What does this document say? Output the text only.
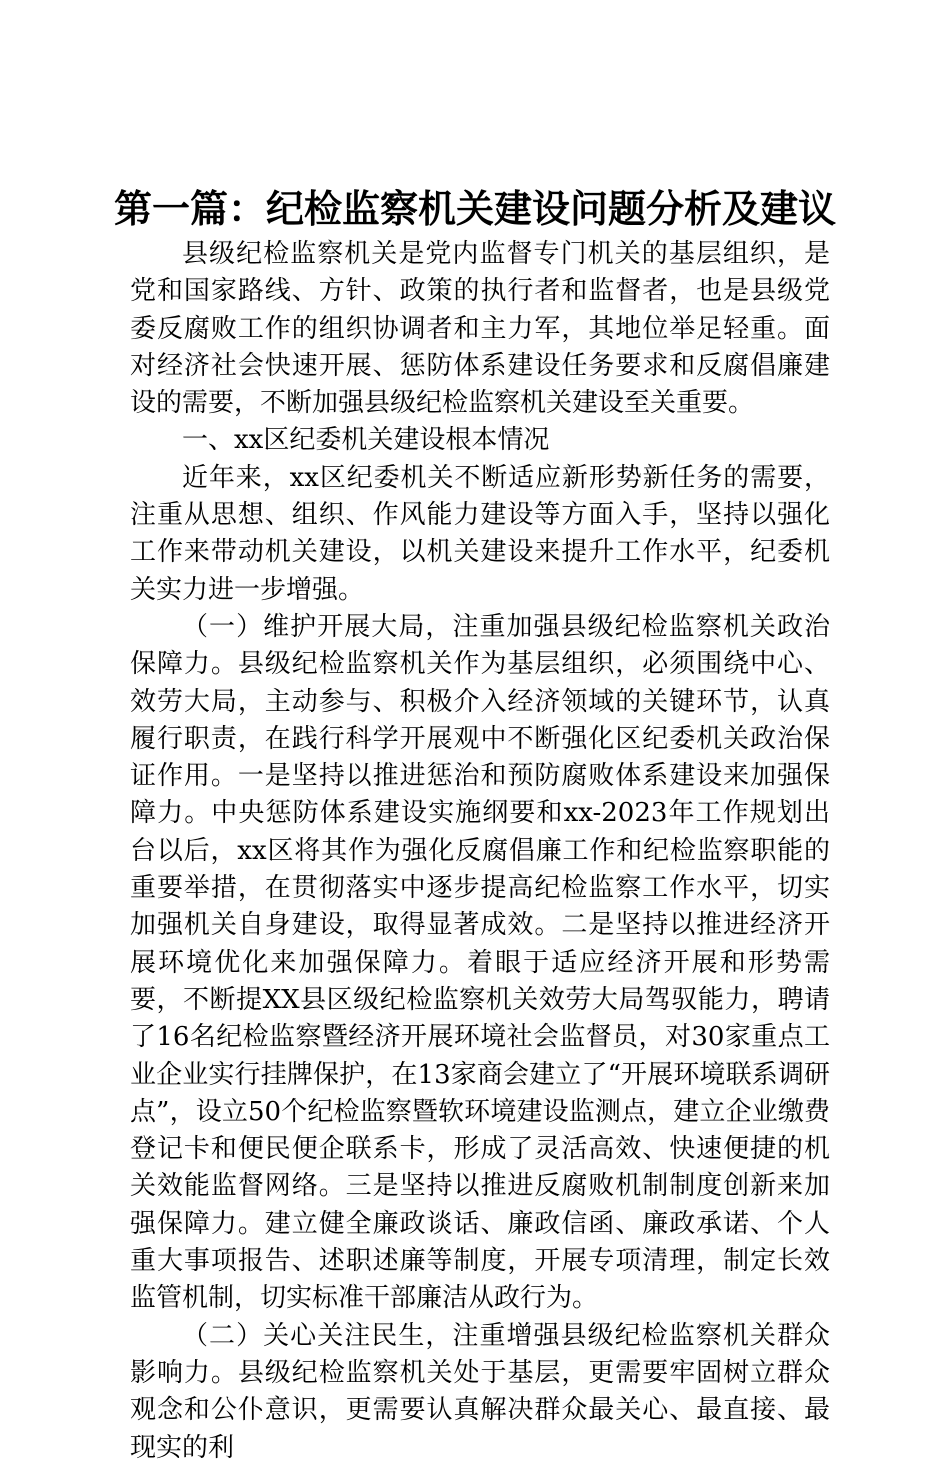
第一篇：纪检监察机关建设问题分析及建议

县级纪检监察机关是党内监督专门机关的基层组织，是党和国家路线、方针、政策的执行者和监督者，也是县级党委反腐败工作的组织协调者和主力军，其地位举足轻重。面对经济社会快速开展、惩防体系建设任务要求和反腐倡廉建设的需要，不断加强县级纪检监察机关建设至关重要。

一、xx区纪委机关建设根本情况

近年来，xx区纪委机关不断适应新形势新任务的需要，注重从思想、组织、作风能力建设等方面入手，坚持以强化工作来带动机关建设，以机关建设来提升工作水平，纪委机关实力进一步增强。

（一）维护开展大局，注重加强县级纪检监察机关政治保障力。县级纪检监察机关作为基层组织，必须围绕中心、效劳大局，主动参与、积极介入经济领域的关键环节，认真履行职责，在践行科学开展观中不断强化区纪委机关政治保证作用。一是坚持以推进惩治和预防腐败体系建设来加强保障力。中央惩防体系建设实施纲要和xx-2023年工作规划出台以后，xx区将其作为强化反腐倡廉工作和纪检监察职能的重要举措，在贯彻落实中逐步提高纪检监察工作水平，切实加强机关自身建设，取得显著成效。二是坚持以推进经济开展环境优化来加强保障力。着眼于适应经济开展和形势需要，不断提XX县区级纪检监察机关效劳大局驾驭能力，聘请了16名纪检监察暨经济开展环境社会监督员，对30家重点工业企业实行挂牌保护，在13家商会建立了“开展环境联系调研点”，设立50个纪检监察暨软环境建设监测点，建立企业缴费登记卡和便民便企联系卡，形成了灵活高效、快速便捷的机关效能监督网络。三是坚持以推进反腐败机制制度创新来加强保障力。建立健全廉政谈话、廉政信函、廉政承诺、个人重大事项报告、述职述廉等制度，开展专项清理，制定长效监管机制，切实标准干部廉洁从政行为。

（二）关心关注民生，注重增强县级纪检监察机关群众影响力。县级纪检监察机关处于基层，更需要牢固树立群众观念和公仆意识，更需要认真解决群众最关心、最直接、最现实的利
